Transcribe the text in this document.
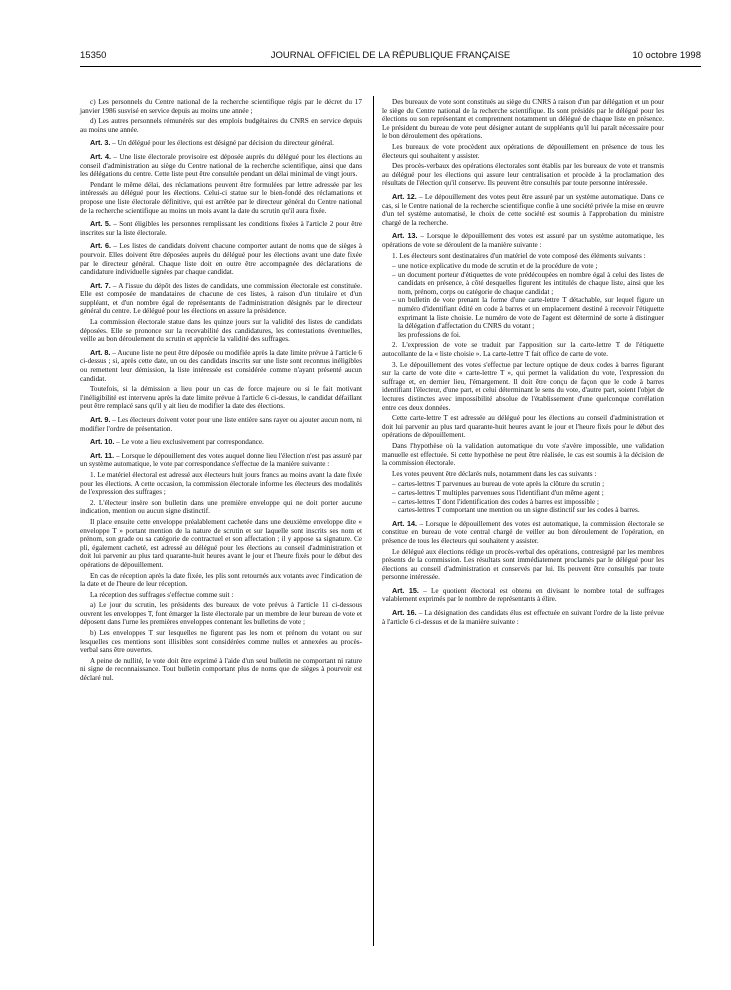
15350	JOURNAL OFFICIEL DE LA RÉPUBLIQUE FRANÇAISE	10 octobre 1998

c) Les personnels du Centre national de la recherche scientifique régis par le décret du 17 janvier 1986 susvisé en service depuis au moins une année ;

d) Les autres personnels rémunérés sur des emplois budgétaires du CNRS en service depuis au moins une année.

Art. 3. – Un délégué pour les élections est désigné par décision du directeur général.

Art. 4. – Une liste électorale provisoire est déposée auprès du délégué pour les élections au conseil d'administration au siège du Centre national de la recherche scientifique, ainsi que dans les délégations du centre. Cette liste peut être consultée pendant un délai minimal de vingt jours.

Pendant le même délai, des réclamations peuvent être formulées par lettre adressée par les intéressés au délégué pour les élections. Celui-ci statue sur le bien-fondé des réclamations et propose une liste électorale définitive, qui est arrêtée par le directeur général du Centre national de la recherche scientifique au moins un mois avant la date du scrutin qu'il aura fixée.

Art. 5. – Sont éligibles les personnes remplissant les conditions fixées à l'article 2 pour être inscrites sur la liste électorale.

Art. 6. – Les listes de candidats doivent chacune comporter autant de noms que de sièges à pourvoir. Elles doivent être déposées auprès du délégué pour les élections avant une date fixée par le directeur général. Chaque liste doit en outre être accompagnée des déclarations de candidature individuelle signées par chaque candidat.

Art. 7. – A l'issue du dépôt des listes de candidats, une commission électorale est constituée. Elle est composée de mandataires de chacune de ces listes, à raison d'un titulaire et d'un suppléant, et d'un nombre égal de représentants de l'administration désignés par le directeur général du centre. Le délégué pour les élections en assure la présidence.

La commission électorale statue dans les quinze jours sur la validité des listes de candidats déposées. Elle se prononce sur la recevabilité des candidatures, les contestations éventuelles, veille au bon déroulement du scrutin et apprécie la validité des suffrages.

Art. 8. – Aucune liste ne peut être déposée ou modifiée après la date limite prévue à l'article 6 ci-dessus ; si, après cette date, un ou des candidats inscrits sur une liste sont reconnus inéligibles ou remettent leur démission, la liste intéressée est considérée comme n'ayant présenté aucun candidat.

Toutefois, si la démission a lieu pour un cas de force majeure ou si le fait motivant l'inéligibilité est intervenu après la date limite prévue à l'article 6 ci-dessus, le candidat défaillant peut être remplacé sans qu'il y ait lieu de modifier la date des élections.

Art. 9. – Les électeurs doivent voter pour une liste entière sans rayer ou ajouter aucun nom, ni modifier l'ordre de présentation.

Art. 10. – Le vote a lieu exclusivement par correspondance.

Art. 11. – Lorsque le dépouillement des votes auquel donne lieu l'élection n'est pas assuré par un système automatique, le vote par correspondance s'effectue de la manière suivante :

1. Le matériel électoral est adressé aux électeurs huit jours francs au moins avant la date fixée pour les élections. A cette occasion, la commission électorale informe les électeurs des modalités de l'expression des suffrages ;

2. L'électeur insère son bulletin dans une première enveloppe qui ne doit porter aucune indication, mention ou aucun signe distinctif.

Il place ensuite cette enveloppe préalablement cachetée dans une deuxième enveloppe dite « enveloppe T » portant mention de la nature de scrutin et sur laquelle sont inscrits ses nom et prénom, son grade ou sa catégorie de contractuel et son affectation ; il y appose sa signature. Ce pli, également cacheté, est adressé au délégué pour les élections au conseil d'administration et doit lui parvenir au plus tard quarante-huit heures avant le jour et l'heure fixés pour le début des opérations de dépouillement.

En cas de réception après la date fixée, les plis sont retournés aux votants avec l'indication de la date et de l'heure de leur réception.

La réception des suffrages s'effectue comme suit :

a) Le jour du scrutin, les présidents des bureaux de vote prévus à l'article 11 ci-dessous ouvrent les enveloppes T, font émarger la liste électorale par un membre de leur bureau de vote et déposent dans l'urne les premières enveloppes contenant les bulletins de vote ;

b) Les enveloppes T sur lesquelles ne figurent pas les nom et prénom du votant ou sur lesquelles ces mentions sont illisibles sont considérées comme nulles et annexées au procès-verbal sans être ouvertes.

A peine de nullité, le vote doit être exprimé à l'aide d'un seul bulletin ne comportant ni rature ni signe de reconnaissance. Tout bulletin comportant plus de noms que de sièges à pourvoir est déclaré nul.

Des bureaux de vote sont constitués au siège du CNRS à raison d'un par délégation et un pour le siège du Centre national de la recherche scientifique. Ils sont présidés par le délégué pour les élections ou son représentant et comprennent notamment un délégué de chaque liste en présence. Le président du bureau de vote peut désigner autant de suppléants qu'il lui paraît nécessaire pour le bon déroulement des opérations.

Les bureaux de vote procèdent aux opérations de dépouillement en présence de tous les électeurs qui souhaitent y assister.

Des procès-verbaux des opérations électorales sont établis par les bureaux de vote et transmis au délégué pour les élections qui assure leur centralisation et procède à la proclamation des résultats de l'élection qu'il conserve. Ils peuvent être consultés par toute personne intéressée.

Art. 12. – Le dépouillement des votes peut être assuré par un système automatique. Dans ce cas, si le Centre national de la recherche scientifique confie à une société privée la mise en œuvre d'un tel système automatisé, le choix de cette société est soumis à l'approbation du ministre chargé de la recherche.

Art. 13. – Lorsque le dépouillement des votes est assuré par un système automatique, les opérations de vote se déroulent de la manière suivante :

1. Les électeurs sont destinataires d'un matériel de vote composé des éléments suivants :

– une notice explicative du mode de scrutin et de la procédure de vote ;
– un document porteur d'étiquettes de vote prédécoupées en nombre égal à celui des listes de candidats en présence, à côté desquelles figurent les intitulés de chaque liste, ainsi que les nom, prénom, corps ou catégorie de chaque candidat ;
– un bulletin de vote prenant la forme d'une carte-lettre T détachable, sur lequel figure un numéro d'identifiant édité en code à barres et un emplacement destiné à recevoir l'étiquette exprimant la liste choisie. Le numéro de vote de l'agent est déterminé de sorte à distinguer la délégation d'affectation du CNRS du votant ;
les professions de foi.

2. L'expression de vote se traduit par l'apposition sur la carte-lettre T de l'étiquette autocollante de la « liste choisie ». La carte-lettre T fait office de carte de vote.

3. Le dépouillement des votes s'effectue par lecture optique de deux codes à barres figurant sur la carte de vote dite « carte-lettre T », qui permet la validation du vote, l'expression du suffrage et, en dernier lieu, l'émargement. Il doit être conçu de façon que le code à barres identifiant l'électeur, d'une part, et celui déterminant le sens du vote, d'autre part, soient l'objet de lectures distinctes avec impossibilité absolue de l'établissement d'une quelconque corrélation entre ces deux données.

Cette carte-lettre T est adressée au délégué pour les élections au conseil d'administration et doit lui parvenir au plus tard quarante-huit heures avant le jour et l'heure fixés pour le début des opérations de dépouillement.

Dans l'hypothèse où la validation automatique du vote s'avère impossible, une validation manuelle est effectuée. Si cette hypothèse ne peut être réalisée, le cas est soumis à la décision de la commission électorale.

Les votes peuvent être déclarés nuls, notamment dans les cas suivants :

– cartes-lettres T parvenues au bureau de vote après la clôture du scrutin ;
– cartes-lettres T multiples parvenues sous l'identifiant d'un même agent ;
– cartes-lettres T dont l'identification des codes à barres est impossible ;
cartes-lettres T comportant une mention ou un signe distinctif sur les codes à barres.

Art. 14. – Lorsque le dépouillement des votes est automatique, la commission électorale se constitue en bureau de vote central chargé de veiller au bon déroulement de l'opération, en présence de tous les électeurs qui souhaitent y assister.

Le délégué aux élections rédige un procès-verbal des opérations, contresigné par les membres présents de la commission. Les résultats sont immédiatement proclamés par le délégué pour les élections au conseil d'administration et conservés par lui. Ils peuvent être consultés par toute personne intéressée.

Art. 15. – Le quotient électoral est obtenu en divisant le nombre total de suffrages valablement exprimés par le nombre de représentants à élire.

Art. 16. – La désignation des candidats élus est effectuée en suivant l'ordre de la liste prévue à l'article 6 ci-dessus et de la manière suivante :
